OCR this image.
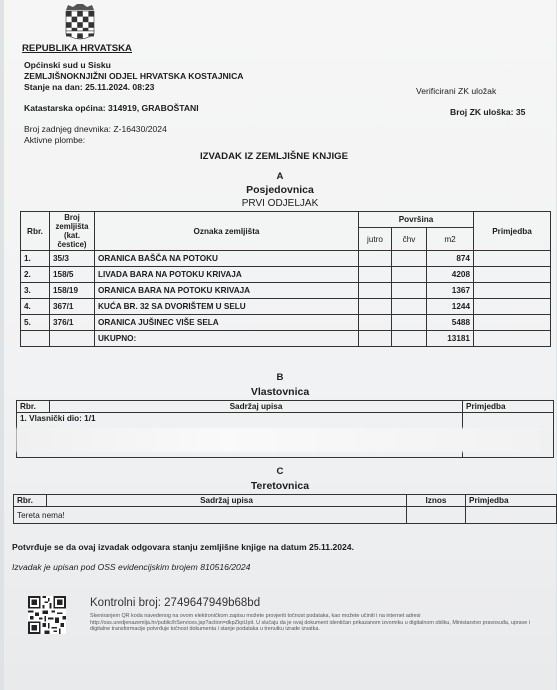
REPUBLIKA HRVATSKA
Općinski sud u Sisku
ZEMLJIŠNOKNJIŽNI ODJEL HRVATSKA KOSTAJNICA
Stanje na dan: 25.11.2024. 08:23	Verificirani ZK uložak
Katastarska općina: 314919, GRABOŠTANI	Broj ZK uloška: 35
Broj zadnjeg dnevnika: Z-16430/2024
Aktivne plombe:
IZVADAK IZ ZEMLJIŠNE KNJIGE
A
Posjedovnica
PRVI ODJELJAK
Rbr.	Broj zemljišta (kat. čestice)	Oznaka zemljišta	Površina			Primjedba
			jutro	čhv	m2	
1.	35/3	ORANICA BAŠČA NA POTOKU			874	
2.	158/5	LIVADA BARA NA POTOKU KRIVAJA			4208	
3.	158/19	ORANICA BARA NA POTOKU KRIVAJA			1367	
4.	367/1	KUĆA BR. 32 SA DVORIŠTEM U SELU			1244	
5.	376/1	ORANICA JUŠINEC VIŠE SELA			5488	
		UKUPNO:			13181	
B
Vlastovnica
Rbr.	Sadržaj upisa	Primjedba
1. Vlasnički dio: 1/1		
C
Teretovnica
Rbr.	Sadržaj upisa	Iznos	Primjedba
Tereta nema!			
Potvrđuje se da ovaj izvadak odgovara stanju zemljišne knjige na datum 25.11.2024.
Izvadak je upisan pod OSS evidencijskim brojem 810516/2024
Kontrolni broj: 2749647949b68bd
Skeniranjem QR koda navedenog na ovom elektroničkom zapisu možete provjeriti točnost podataka, kao možete učiniti i na internet adresi http://oss.uredjenazemlja.hr/public/lrServices.jsp?action=dkpZkpUpit. U slučaju da je ovaj dokument identičan prikazanom izvorniku u digitalnom obliku, Ministarstvo pravosuđa, uprave i digitalne transformacije potvrđuje točnost dokumenta i stanje podataka u trenutku izrade izvatka.
